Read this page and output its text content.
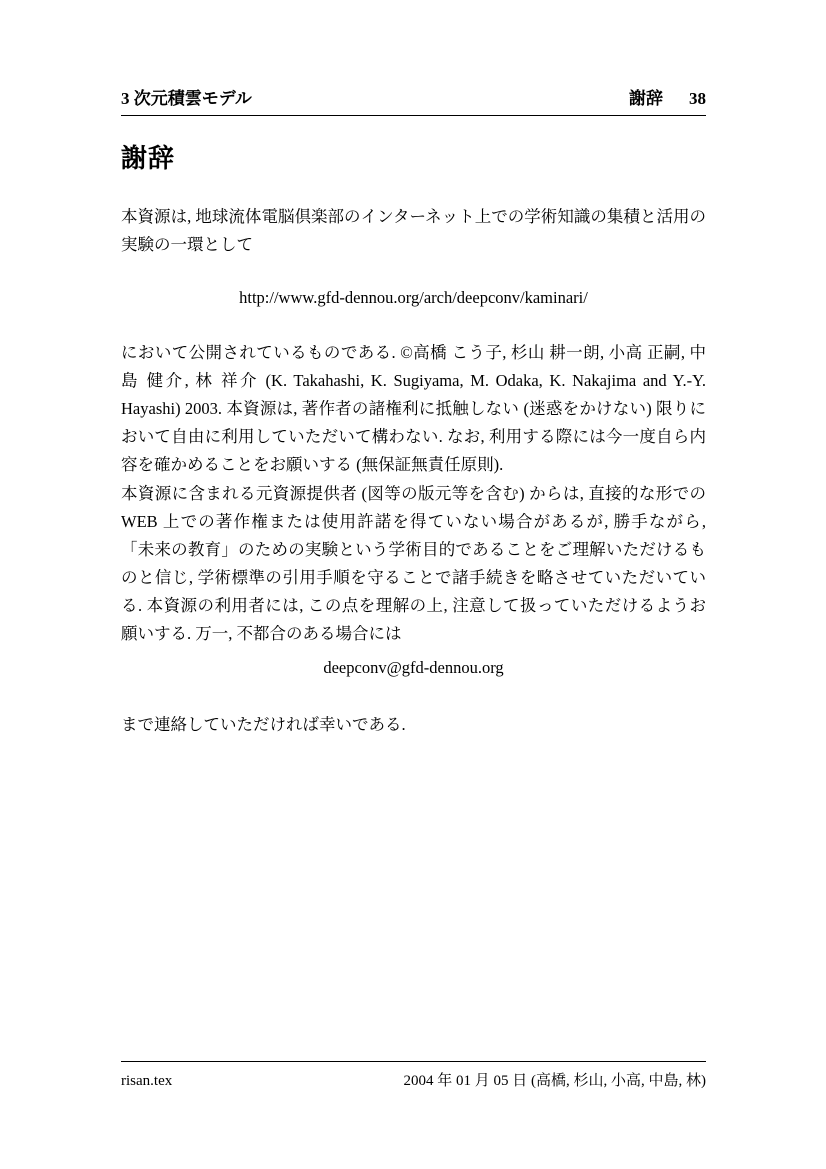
3 次元積雲モデル	謝辞 38
謝辞

本資源は, 地球流体電脳倶楽部のインターネット上での学術知識の集積と活用の実験の一環として

http://www.gfd-dennou.org/arch/deepconv/kaminari/

において公開されているものである. ©高橋 こう子, 杉山 耕一朗, 小高 正嗣, 中島 健介, 林 祥介 (K. Takahashi, K. Sugiyama, M. Odaka, K. Nakajima and Y.-Y. Hayashi) 2003. 本資源は, 著作者の諸権利に抵触しない (迷惑をかけない) 限りにおいて自由に利用していただいて構わない. なお, 利用する際には今一度自ら内容を確かめることをお願いする (無保証無責任原則).

本資源に含まれる元資源提供者 (図等の版元等を含む) からは, 直接的な形での WEB 上での著作権または使用許諾を得ていない場合があるが, 勝手ながら, 「未来の教育」のための実験という学術目的であることをご理解いただけるものと信じ, 学術標準の引用手順を守ることで諸手続きを略させていただいている. 本資源の利用者には, この点を理解の上, 注意して扱っていただけるようお願いする. 万一, 不都合のある場合には

deepconv@gfd-dennou.org

まで連絡していただければ幸いである.

risan.tex	2004 年 01 月 05 日 (高橋, 杉山, 小高, 中島, 林)
